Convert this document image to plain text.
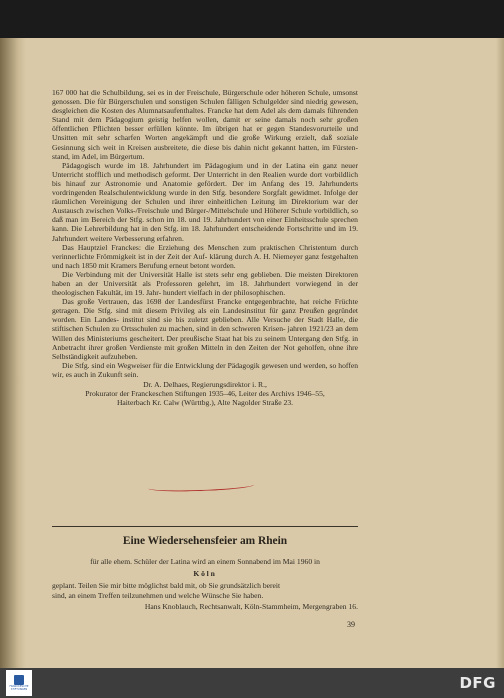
167 000 hat die Schulbildung, sei es in der Freischule, Bürgerschule oder höheren Schule, umsonst genossen. Die für Bürgerschulen und sonstigen Schulen fälligen Schulgelder sind niedrig gewesen, desgleichen die Kosten des Alumnatsaufenthaltes. Francke hat dem Adel als dem damals führenden Stand mit dem Pädagogium geistig helfen wollen, damit er seine damals noch sehr großen öffentlichen Pflichten besser erfüllen könnte. Im übrigen hat er gegen Standesvorurteile und Unsitten mit sehr scharfen Worten angekämpft und die große Wirkung erzielt, daß soziale Gesinnung sich weit in Kreisen ausbreitete, die diese bis dahin nicht gekannt hatten, im Fürsten- stand, im Adel, im Bürgertum.

Pädagogisch wurde im 18. Jahrhundert im Pädagogium und in der Latina ein ganz neuer Unterricht stofflich und methodisch geformt. Der Unterricht in den Realien wurde dort vorbildlich bis hinauf zur Astronomie und Anatomie gefördert. Der im Anfang des 19. Jahrhunderts vordringenden Realschulentwicklung wurde in den Stfg. besondere Sorgfalt gewidmet. Infolge der räumlichen Vereinigung der Schulen und ihrer einheitlichen Leitung im Direktorium war der Austausch zwischen Volks-/Freischule und Bürger-/Mittelschule und Höherer Schule vorbildlich, so daß man im Bereich der Stfg. schon im 18. und 19. Jahrhundert von einer Einheitsschule sprechen kann. Die Lehrerbildung hat in den Stfg. im 18. Jahrhundert entscheidende Fortschritte und im 19. Jahrhundert weitere Verbesserung erfahren.

Das Hauptziel Franckes: die Erziehung des Menschen zum praktischen Christentum durch verinnerlichte Frömmigkeit ist in der Zeit der Auf- klärung durch A. H. Niemeyer ganz festgehalten und nach 1850 mit Kramers Berufung erneut betont worden.

Die Verbindung mit der Universität Halle ist stets sehr eng geblieben. Die meisten Direktoren haben an der Universität als Professoren gelehrt, im 18. Jahrhundert vorwiegend in der theologischen Fakultät, im 19. Jahr- hundert vielfach in der philosophischen.

Das große Vertrauen, das 1698 der Landesfürst Francke entgegenbrachte, hat reiche Früchte getragen. Die Stfg. sind mit diesem Privileg als ein Landesinstitut für ganz Preußen gegründet worden. Ein Landes- institut sind sie bis zuletzt geblieben. Alle Versuche der Stadt Halle, die stiftischen Schulen zu Ortsschulen zu machen, sind in den schweren Krisen- jahren 1921/23 an dem Willen des Ministeriums gescheitert. Der preußische Staat hat bis zu seinem Untergang den Stfg. in Anbetracht ihrer großen Verdienste mit großen Mitteln in den Zeiten der Not geholfen, ohne ihre Selbständigkeit aufzuheben.

Die Stfg. sind ein Wegweiser für die Entwicklung der Pädagogik gewesen und werden, so hoffen wir, es auch in Zukunft sein.

Dr. A. Delhaes, Regierungsdirektor i. R.,
Prokurator der Franckeschen Stiftungen 1935–46, Leiter des Archivs 1946–55,
Haiterbach Kr. Calw (Württbg.), Alte Nagolder Straße 23.
Eine Wiedersehensfeier am Rhein
für alle ehem. Schüler der Latina wird an einem Sonnabend im Mai 1960 in
Köln
geplant. Teilen Sie mir bitte möglichst bald mit, ob Sie grundsätzlich bereit
sind, an einem Treffen teilzunehmen und welche Wünsche Sie haben.
Hans Knoblauch, Rechtsanwalt, Köln-Stammheim, Mergengraben 16.
39
FRANCKESCHE STIFTUNGEN	DFG
